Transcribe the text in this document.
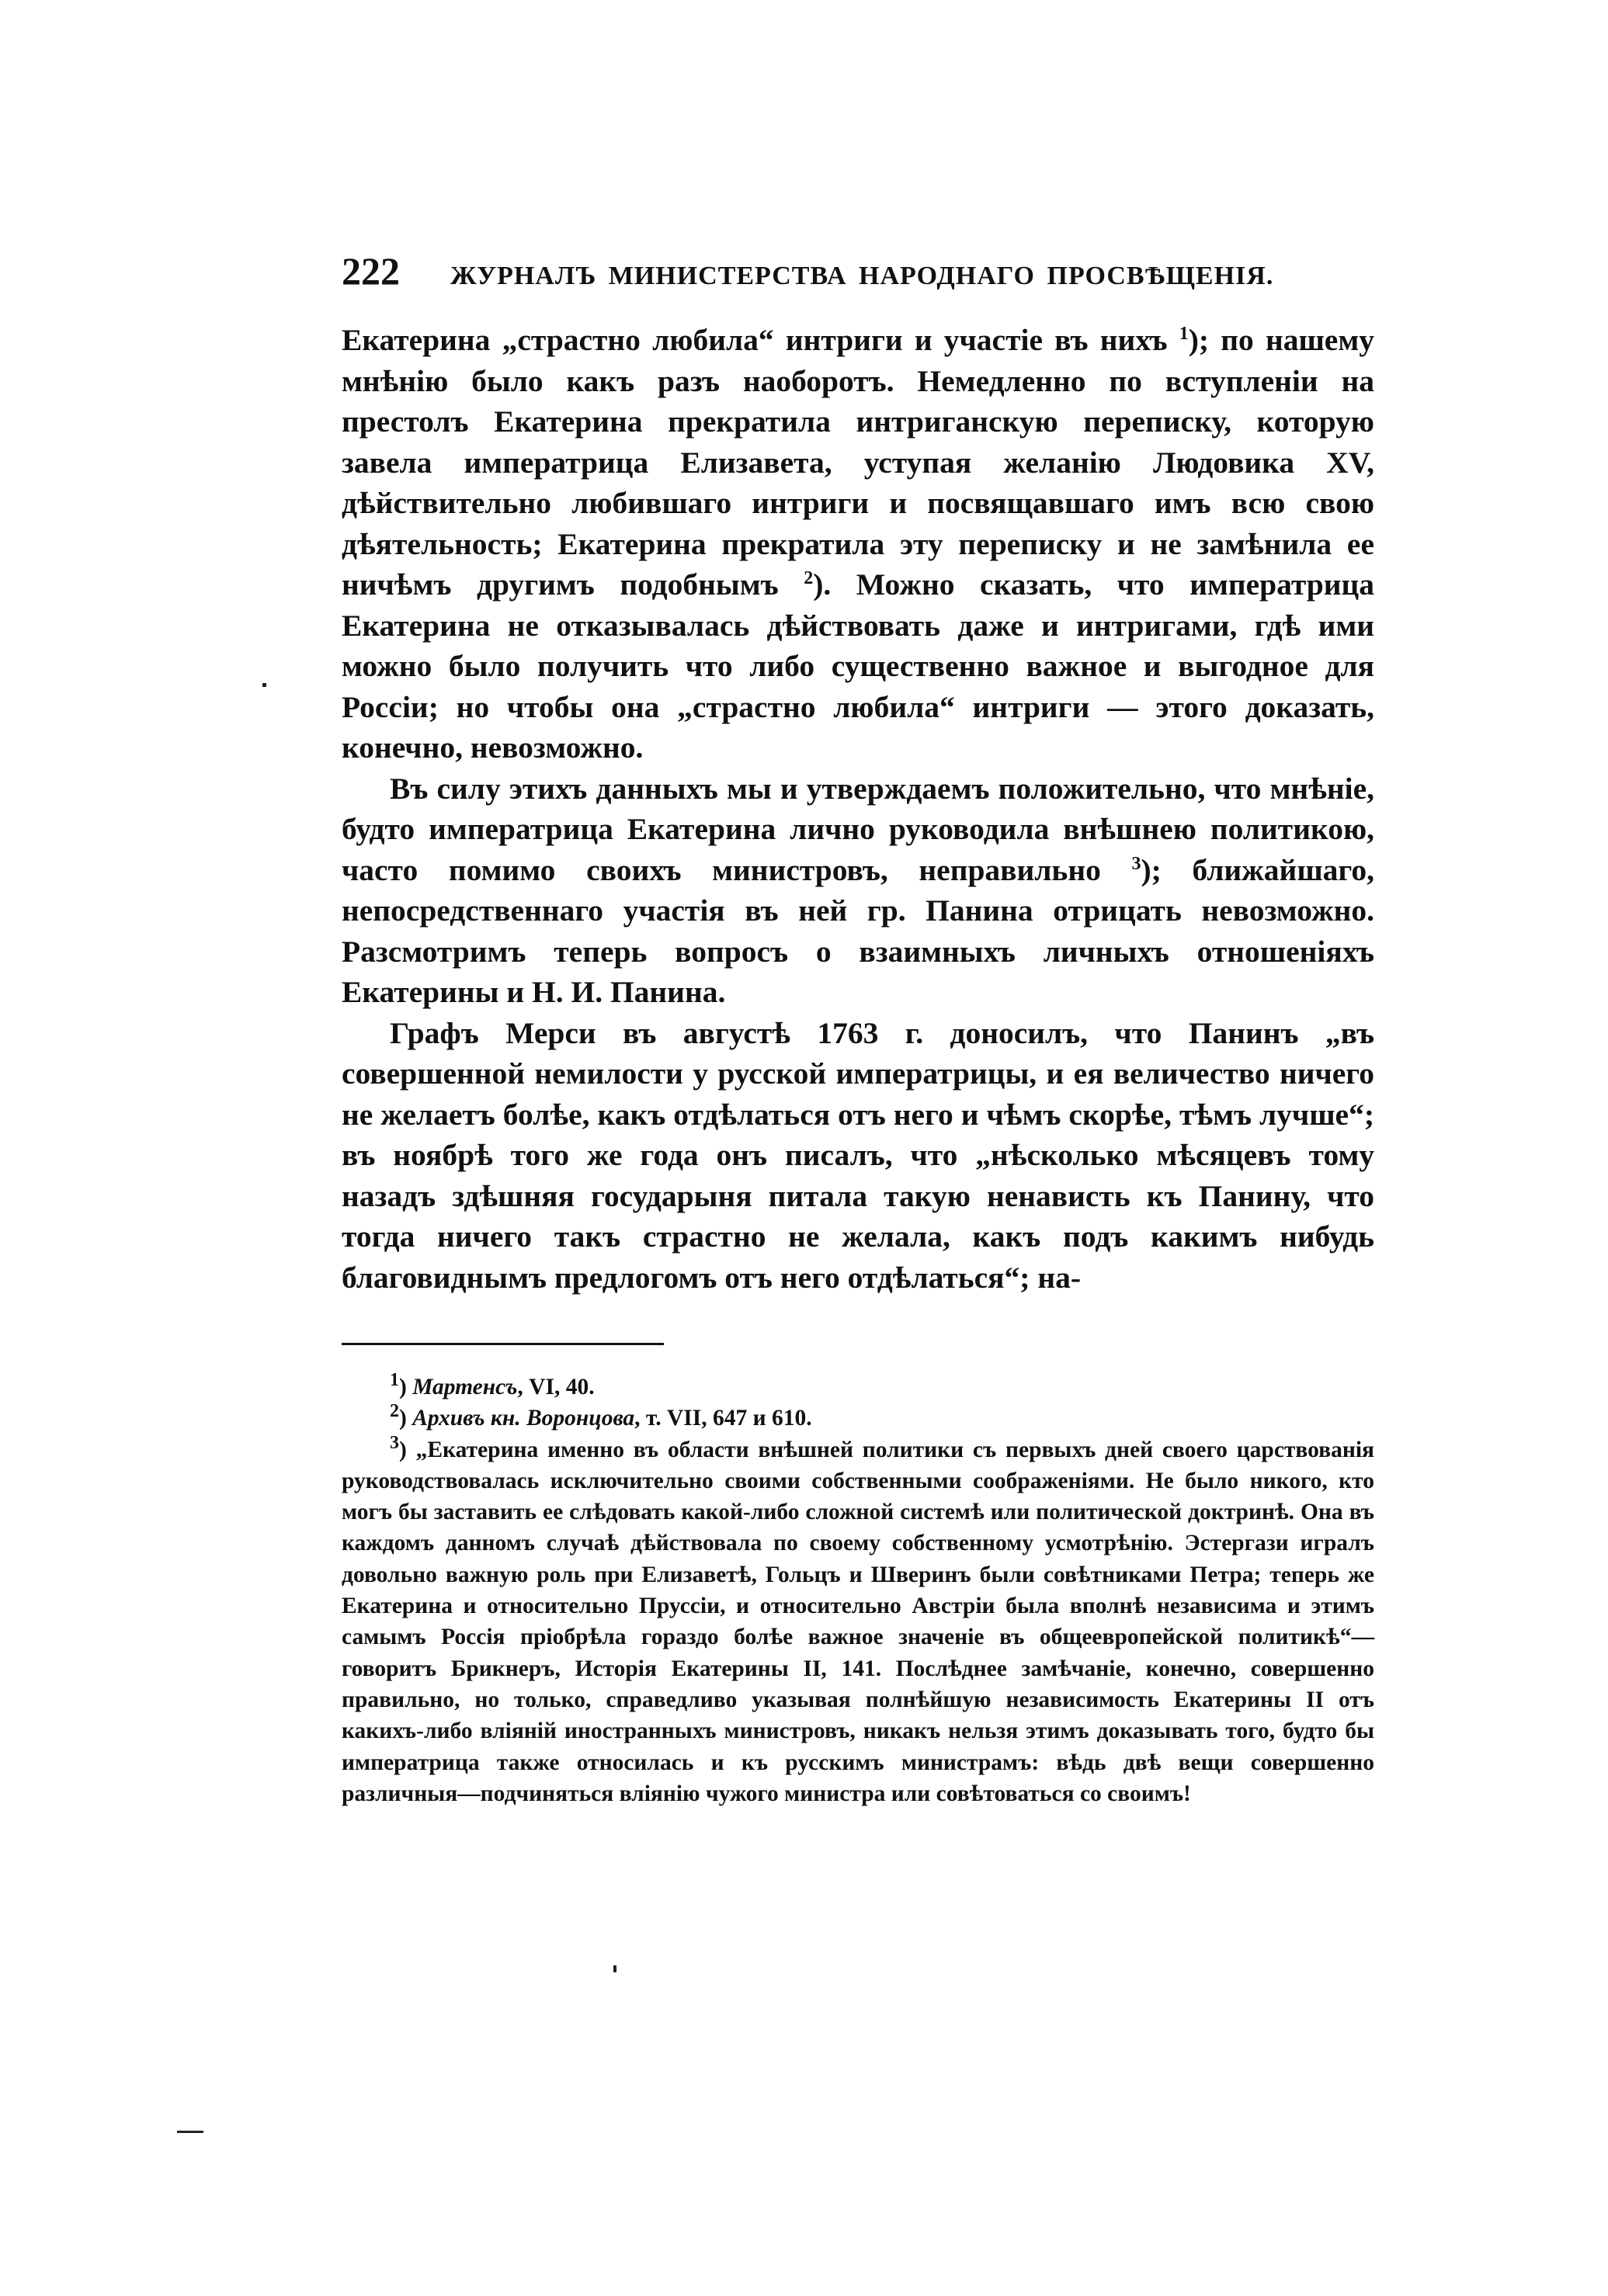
222	ЖУРНАЛЪ МИНИСТЕРСТВА НАРОДНАГО ПРОСВѢЩЕНІЯ.

Екатерина „страстно любила“ интриги и участіе въ нихъ $^1$); по нашему мнѣнію было какъ разъ наоборотъ. Немедленно по вступленіи на престолъ Екатерина прекратила интриганскую переписку, которую завела императрица Елизавета, уступая желанію Людовика XV, дѣйствительно любившаго интриги и посвящавшаго имъ всю свою дѣятельность; Екатерина прекратила эту переписку и не замѣнила ее ничѣмъ другимъ подобнымъ $^2$). Можно сказать, что императрица Екатерина не отказывалась дѣйствовать даже и интригами, гдѣ ими можно было получить что либо существенно важное и выгодное для Россіи; но чтобы она „страстно любила“ интриги — этого доказать, конечно, невозможно.

Въ силу этихъ данныхъ мы и утверждаемъ положительно, что мнѣніе, будто императрица Екатерина лично руководила внѣшнею политикою, часто помимо своихъ министровъ, неправильно $^3$); ближайшаго, непосредственнаго участія въ ней гр. Панина отрицать невозможно. Разсмотримъ теперь вопросъ о взаимныхъ личныхъ отношеніяхъ Екатерины и Н. И. Панина.

Графъ Мерси въ августѣ 1763 г. доносилъ, что Панинъ „въ совершенной немилости у русской императрицы, и ея величество ничего не желаетъ болѣе, какъ отдѣлаться отъ него и чѣмъ скорѣе, тѣмъ лучше“; въ ноябрѣ того же года онъ писалъ, что „нѣсколько мѣсяцевъ тому назадъ здѣшняя государыня питала такую ненависть къ Панину, что тогда ничего такъ страстно не желала, какъ подъ какимъ нибудь благовиднымъ предлогомъ отъ него отдѣлаться“; на-

$^1$) Мартенсъ, VI, 40.

$^2$) Архивъ кн. Воронцова, т. VII, 647 и 610.

$^3$) „Екатерина именно въ области внѣшней политики съ первыхъ дней своего царствованія руководствовалась исключительно своими собственными соображеніями. Не было никого, кто могъ бы заставить ее слѣдовать какой-либо сложной системѣ или политической доктринѣ. Она въ каждомъ данномъ случаѣ дѣйствовала по своему собственному усмотрѣнію. Эстергази игралъ довольно важную роль при Елизаветѣ, Гольцъ и Шверинъ были совѣтниками Петра; теперь же Екатерина и относительно Пруссіи, и относительно Австріи была вполнѣ независима и этимъ самымъ Россія пріобрѣла гораздо болѣе важное значеніе въ общеевропейской политикѣ“—говоритъ Брикнеръ, Исторія Екатерины II, 141. Послѣднее замѣчаніе, конечно, совершенно правильно, но только, справедливо указывая полнѣйшую независимость Екатерины II отъ какихъ-либо вліяній иностранныхъ министровъ, никакъ нельзя этимъ доказывать того, будто бы императрица также относилась и къ русскимъ министрамъ: вѣдь двѣ вещи совершенно различныя—подчиняться вліянію чужого министра или совѣтоваться со своимъ!
